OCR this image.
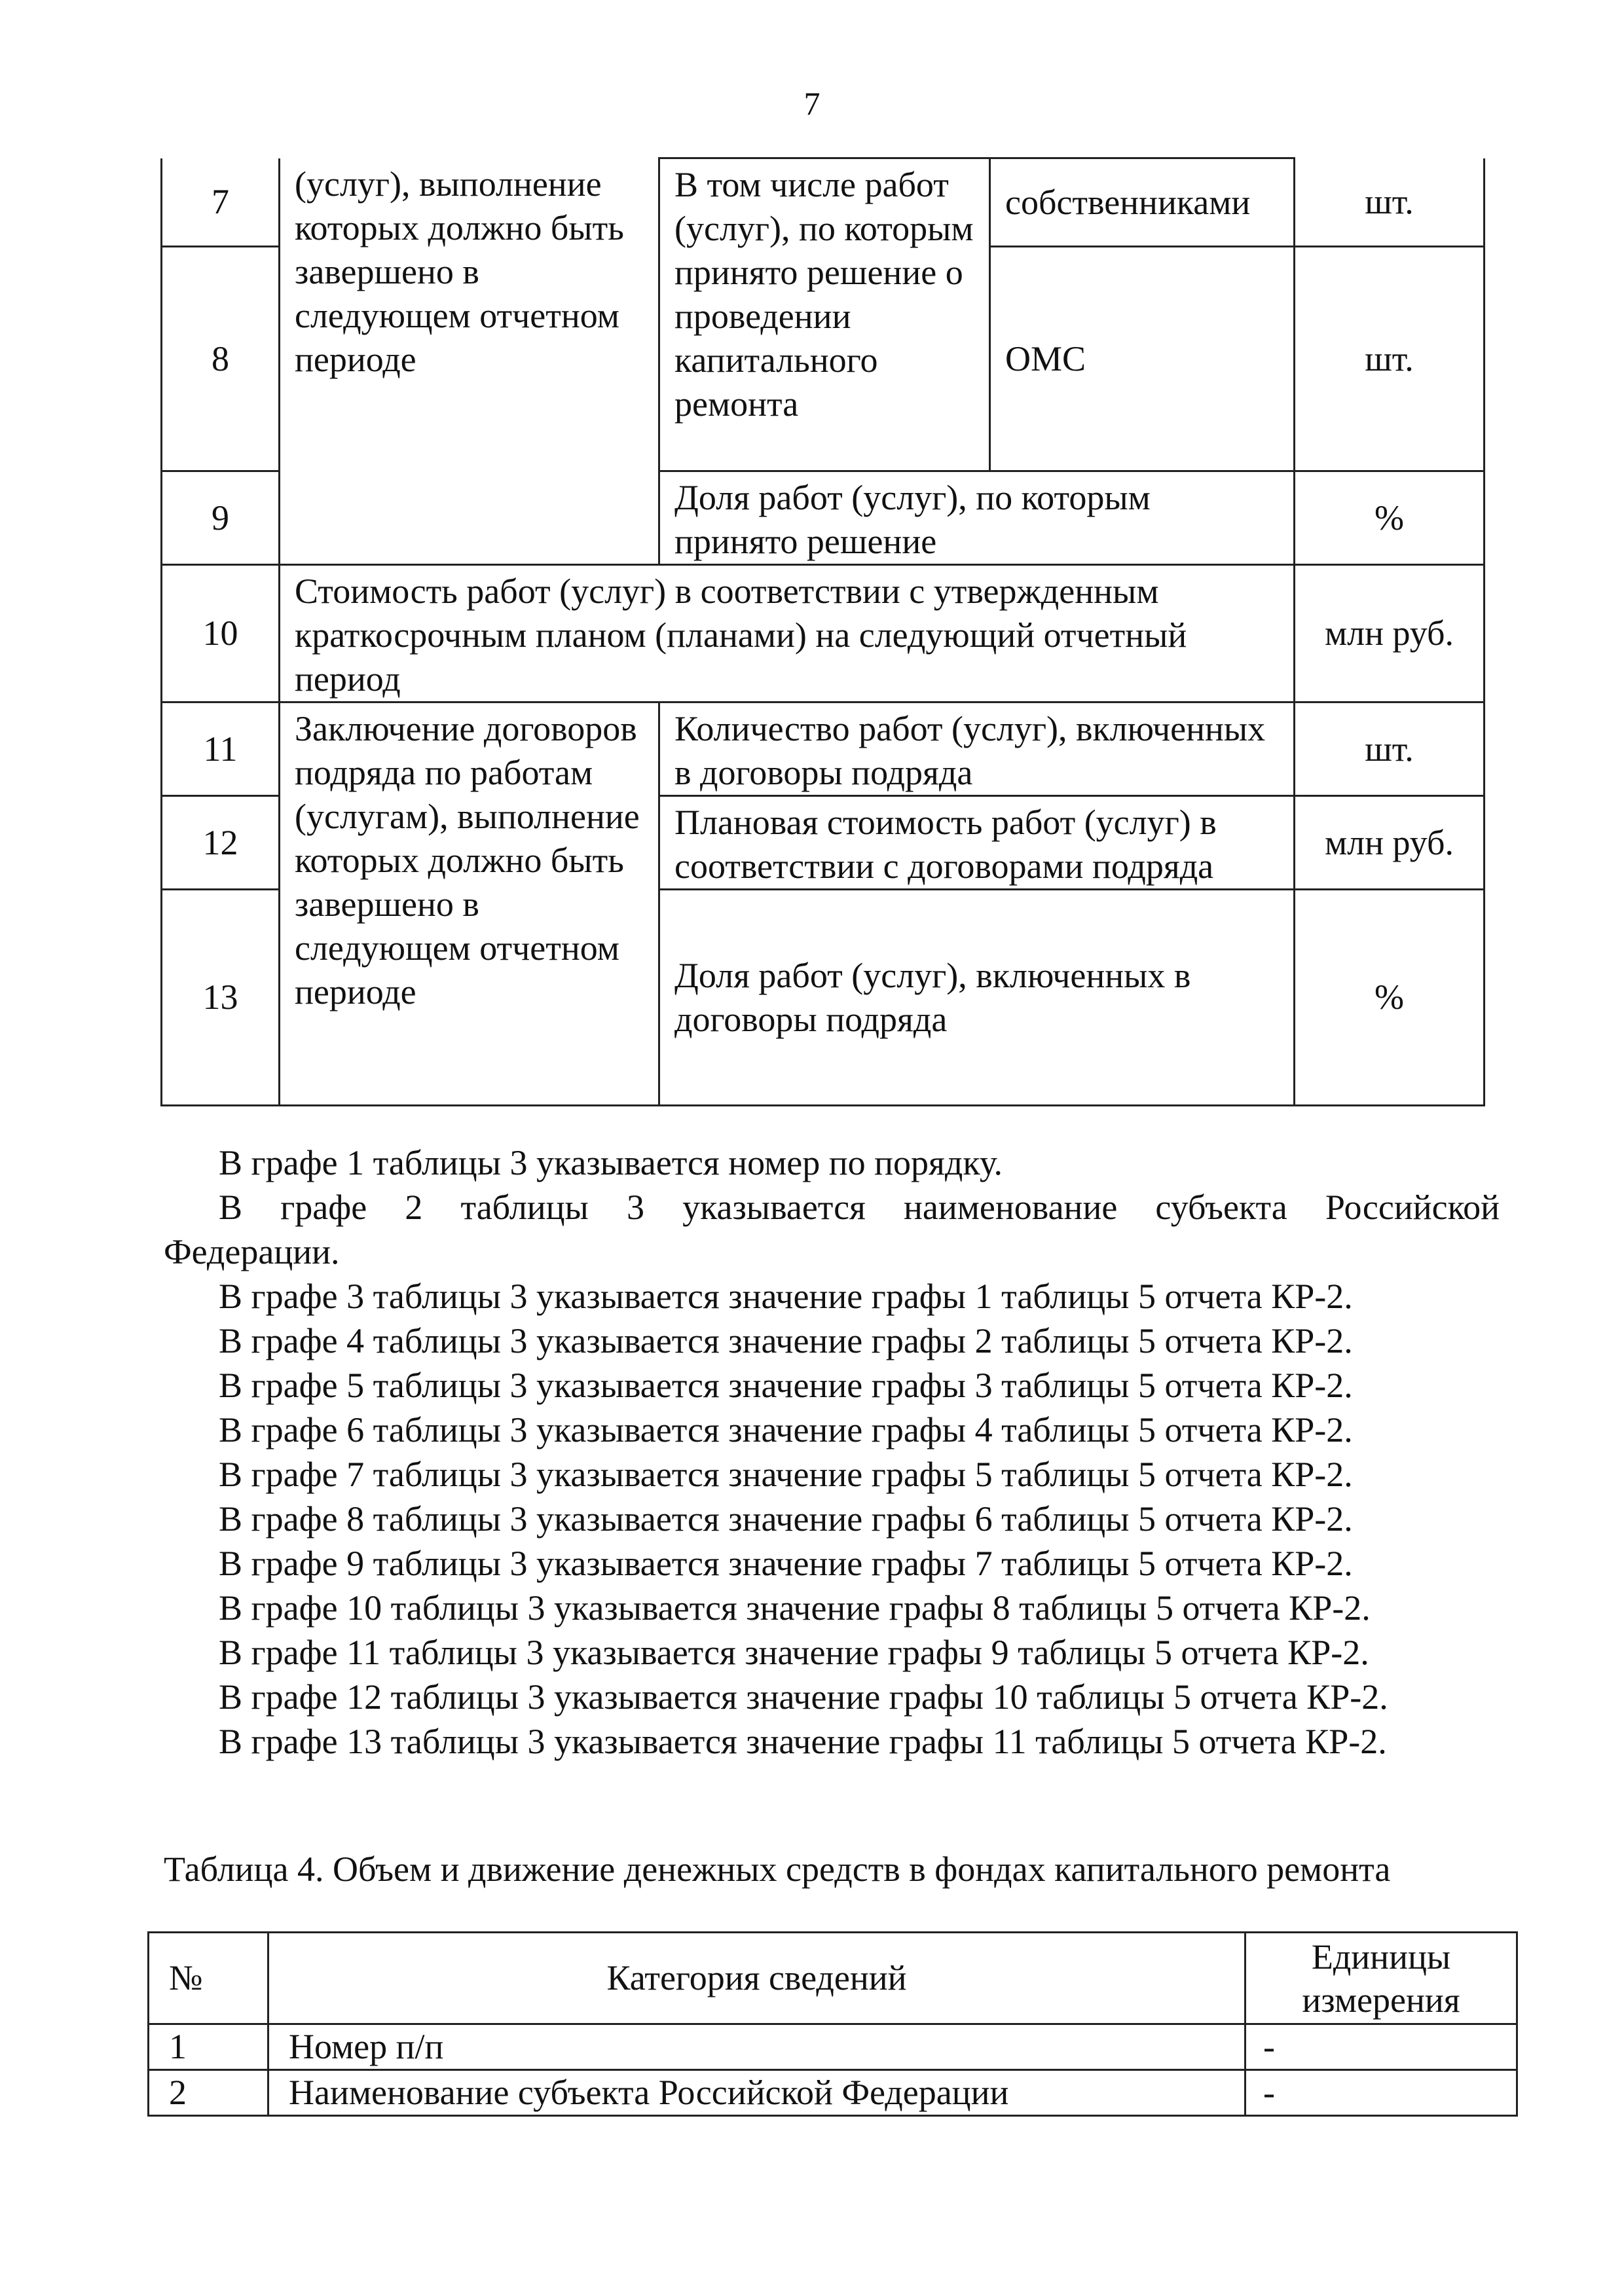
7
7	(услуг), выполнение которых должно быть завершено в следующем отчетном периоде	В том числе работ (услуг), по которым принято решение о проведении капитального ремонта	собственниками	шт.
8			ОМС	шт.
9		Доля работ (услуг), по которым принято решение		%
10	Стоимость работ (услуг) в соответствии с утвержденным краткосрочным планом (планами) на следующий отчетный период			млн руб.
11	Заключение договоров подряда по работам (услугам), выполнение которых должно быть завершено в следующем отчетном периоде	Количество работ (услуг), включенных в договоры подряда		шт.
12		Плановая стоимость работ (услуг) в соответствии с договорами подряда		млн руб.
13		Доля работ (услуг), включенных в договоры подряда		%

В графе 1 таблицы 3 указывается номер по порядку.

В графе 2 таблицы 3 указывается наименование субъекта Российской

Федерации.

В графе 3 таблицы 3 указывается значение графы 1 таблицы 5 отчета КР-2.

В графе 4 таблицы 3 указывается значение графы 2 таблицы 5 отчета КР-2.

В графе 5 таблицы 3 указывается значение графы 3 таблицы 5 отчета КР-2.

В графе 6 таблицы 3 указывается значение графы 4 таблицы 5 отчета КР-2.

В графе 7 таблицы 3 указывается значение графы 5 таблицы 5 отчета КР-2.

В графе 8 таблицы 3 указывается значение графы 6 таблицы 5 отчета КР-2.

В графе 9 таблицы 3 указывается значение графы 7 таблицы 5 отчета КР-2.

В графе 10 таблицы 3 указывается значение графы 8 таблицы 5 отчета КР-2.

В графе 11 таблицы 3 указывается значение графы 9 таблицы 5 отчета КР-2.

В графе 12 таблицы 3 указывается значение графы 10 таблицы 5 отчета КР-2.

В графе 13 таблицы 3 указывается значение графы 11 таблицы 5 отчета КР-2.

Таблица 4. Объем и движение денежных средств в фондах капитального ремонта
№	Категория сведений	Единицы
измерения

1	Номер п/п	-
2	Наименование субъекта Российской Федерации	-
